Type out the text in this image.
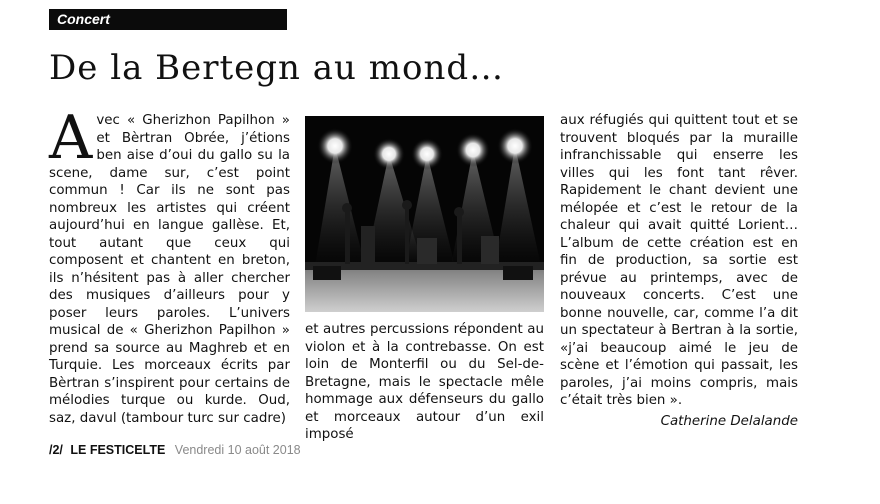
Concert
De la Bertegn au mond…
A vec « Gherizhon Papilhon » et Bèrtran Obrée, j’étions ben aise d’oui du gallo su la scene, dame sur, c’est point commun ! Car ils ne sont pas nombreux les artistes qui créent aujourd’hui en langue gallèse. Et, tout autant que ceux qui composent et chantent en breton, ils n’hésitent pas à aller chercher des musiques d’ailleurs pour y poser leurs paroles. L’univers musical de « Gherizhon Papilhon » prend sa source au Maghreb et en Turquie. Les morceaux écrits par Bèrtran s’inspirent pour certains de mélodies turque ou kurde. Oud, saz, davul (tambour turc sur cadre)

et autres percussions répondent au violon et à la contrebasse. On est loin de Monterfil ou du Sel-de-Bretagne, mais le spectacle mêle hommage aux défenseurs du gallo et morceaux autour d’un exil imposé

aux réfugiés qui quittent tout et se trouvent bloqués par la muraille infranchissable qui enserre les villes qui les font tant rêver. Rapidement le chant devient une mélopée et c’est le retour de la chaleur qui avait quitté Lorient… L’album de cette création est en fin de production, sa sortie est prévue au printemps, avec de nouveaux concerts. C’est une bonne nouvelle, car, comme l’a dit un spectateur à Bertran à la sortie, «j’ai beaucoup aimé le jeu de scène et l’émotion qui passait, les paroles, j’ai moins compris, mais c’était très bien ».

Catherine Delalande
/2/ LE FESTICELTE Vendredi 10 août 2018
